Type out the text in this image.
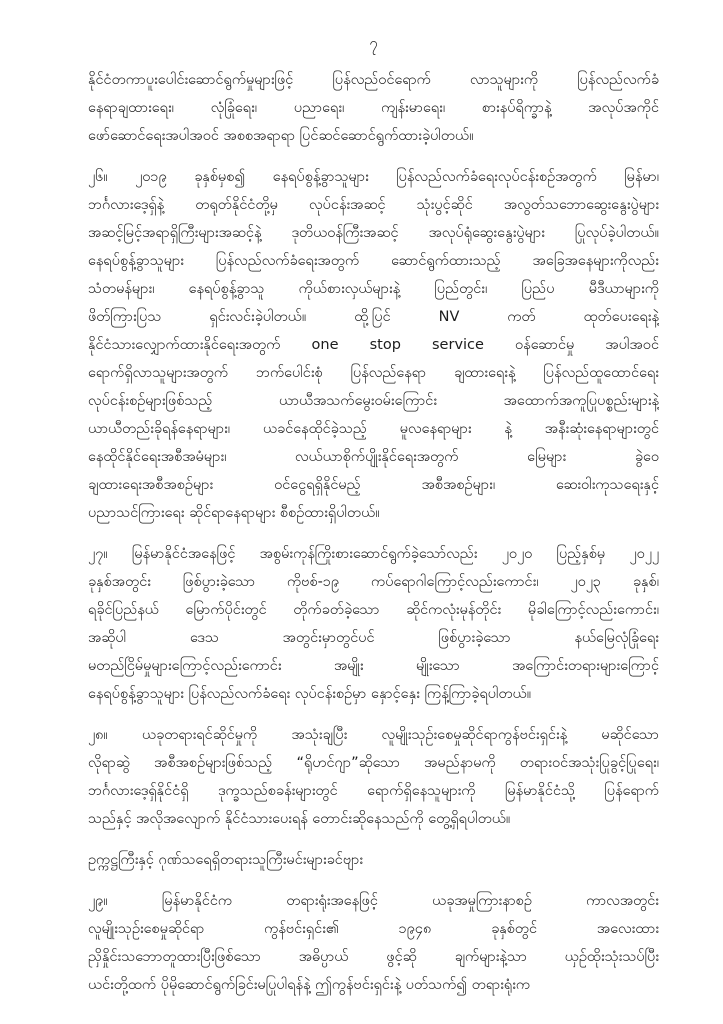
၇
နိုင်ငံတကာပူးပေါင်းဆောင်ရွက်မှုများဖြင့် ပြန်လည်ဝင်ရောက် လာသူများကို ပြန်လည်လက်ခံ
နေရာချထားရေး၊ လုံခြုံရေး၊ ပညာရေး၊ ကျန်းမာရေး၊ စားနပ်ရိက္ခာနဲ့ အလုပ်အကိုင်
ဖော်ဆောင်ရေးအပါအဝင် အစစအရာရာ ပြင်ဆင်ဆောင်ရွက်ထားခဲ့ပါတယ်။
၂၆။ ၂၀၁၉ ခုနှစ်မှစ၍ နေရပ်စွန့်ခွာသူများ ပြန်လည်လက်ခံရေးလုပ်ငန်းစဉ်အတွက် မြန်မာ၊
ဘင်္ဂလားဒေ့ရှ်နဲ့ တရုတ်နိုင်ငံတို့မှ လုပ်ငန်းအဆင့် သုံးပွင့်ဆိုင် အလွတ်သဘောဆွေးနွေးပွဲများ
အဆင့်မြင့်အရာရှိကြီးများအဆင့်နဲ့ ဒုတိယဝန်ကြီးအဆင့် အလုပ်ရုံဆွေးနွေးပွဲများ ပြုလုပ်ခဲ့ပါတယ်။
နေရပ်စွန့်ခွာသူများ ပြန်လည်လက်ခံရေးအတွက် ဆောင်ရွက်ထားသည့် အခြေအနေများကိုလည်း
သံတမန်များ၊ နေရပ်စွန့်ခွာသူ ကိုယ်စားလှယ်များနဲ့ ပြည်တွင်း၊ ပြည်ပ မီဒီယာများကို
ဖိတ်ကြားပြသ ရှင်းလင်းခဲ့ပါတယ်။ ထို့ပြင် NV ကတ် ထုတ်ပေးရေးနဲ့
နိုင်ငံသားလျှောက်ထားနိုင်ရေးအတွက် one stop service ဝန်ဆောင်မှု အပါအဝင်
ရောက်ရှိလာသူများအတွက် ဘက်ပေါင်းစုံ ပြန်လည်နေရာ ချထားရေးနဲ့ ပြန်လည်ထူထောင်ရေး
လုပ်ငန်းစဉ်များဖြစ်သည့် ယာယီအသက်မွေးဝမ်းကြောင်း အထောက်အကူပြုပစ္စည်းများနဲ့
ယာယီတည်းခိုရန်နေရာများ၊ ယခင်နေထိုင်ခဲ့သည့် မူလနေရာများ နဲ့ အနီးဆုံးနေရာများတွင်
နေထိုင်နိုင်ရေးအစီအမံများ၊ လယ်ယာစိုက်ပျိုးနိုင်ရေးအတွက် မြေများ ခွဲဝေ
ချထားရေးအစီအစဉ်များ ဝင်ငွေရရှိနိုင်မည့် အစီအစဉ်များ၊ ဆေးဝါးကုသရေးနှင့်
ပညာသင်ကြားရေး ဆိုင်ရာနေရာများ စီစဉ်ထားရှိပါတယ်။
၂၇။ မြန်မာနိုင်ငံအနေဖြင့် အစွမ်းကုန်ကြိုးစားဆောင်ရွက်ခဲ့သော်လည်း ၂၀၂၀ ပြည့်နှစ်မှ ၂၀၂၂
ခုနှစ်အတွင်း ဖြစ်ပွားခဲ့သော ကိုဗစ်-၁၉ ကပ်ရောဂါကြောင့်လည်းကောင်း၊ ၂၀၂၃ ခုနှစ်၊
ရခိုင်ပြည်နယ် မြောက်ပိုင်းတွင် တိုက်ခတ်ခဲ့သော ဆိုင်ကလုံးမုန်တိုင်း မိုခါကြောင့်လည်းကောင်း၊
အဆိုပါ ဒေသ အတွင်းမှာတွင်ပင် ဖြစ်ပွားခဲ့သော နယ်မြေလုံခြုံရေး
မတည်ငြိမ်မှုများကြောင့်လည်းကောင်း အမျိုး မျိုးသော အကြောင်းတရားများကြောင့်
နေရပ်စွန့်ခွာသူများ ပြန်လည်လက်ခံရေး လုပ်ငန်းစဉ်မှာ နှောင့်နှေး ကြန့်ကြာခဲ့ရပါတယ်။
၂၈။ ယခုတရားရင်ဆိုင်မှုကို အသုံးချပြီး လူမျိုးသုဉ်းစေမှုဆိုင်ရာကွန်ဗင်းရှင်းနဲ့ မဆိုင်သော
လိုရာဆွဲ အစီအစဉ်များဖြစ်သည့် “ရိုဟင်ဂျာ”ဆိုသော အမည်နာမကို တရားဝင်အသုံးပြုခွင့်ပြုရေး၊
ဘင်္ဂလားဒေ့ရှ်နိုင်ငံရှိ ဒုက္ခသည်စခန်းများတွင် ရောက်ရှိနေသူများကို မြန်မာနိုင်ငံသို့ ပြန်ရောက်
သည်နှင့် အလိုအလျောက် နိုင်ငံသားပေးရန် တောင်းဆိုနေသည်ကို တွေ့ရှိရပါတယ်။
ဥက္ကဋ္ဌကြီးနှင့် ဂုဏ်သရေရှိတရားသူကြီးမင်းများခင်ဗျား
၂၉။ မြန်မာနိုင်ငံက တရားရုံးအနေဖြင့် ယခုအမှုကြားနာစဉ် ကာလအတွင်း
လူမျိုးသုဉ်းစေမှုဆိုင်ရာ ကွန်ဗင်းရှင်း၏ ၁၉၄၈ ခုနှစ်တွင် အလေးထား
ညှိနှိုင်းသဘောတူထားပြီးဖြစ်သော အဓိပ္ပာယ် ဖွင့်ဆို ချက်များနဲ့သာ ယှဉ်ထိုးသုံးသပ်ပြီး
ယင်းတို့ထက် ပိုမိုဆောင်ရွက်ခြင်းမပြုပါရန်နဲ့ ဤကွန်ဗင်းရှင်းနဲ့ ပတ်သက်၍ တရားရုံးက
